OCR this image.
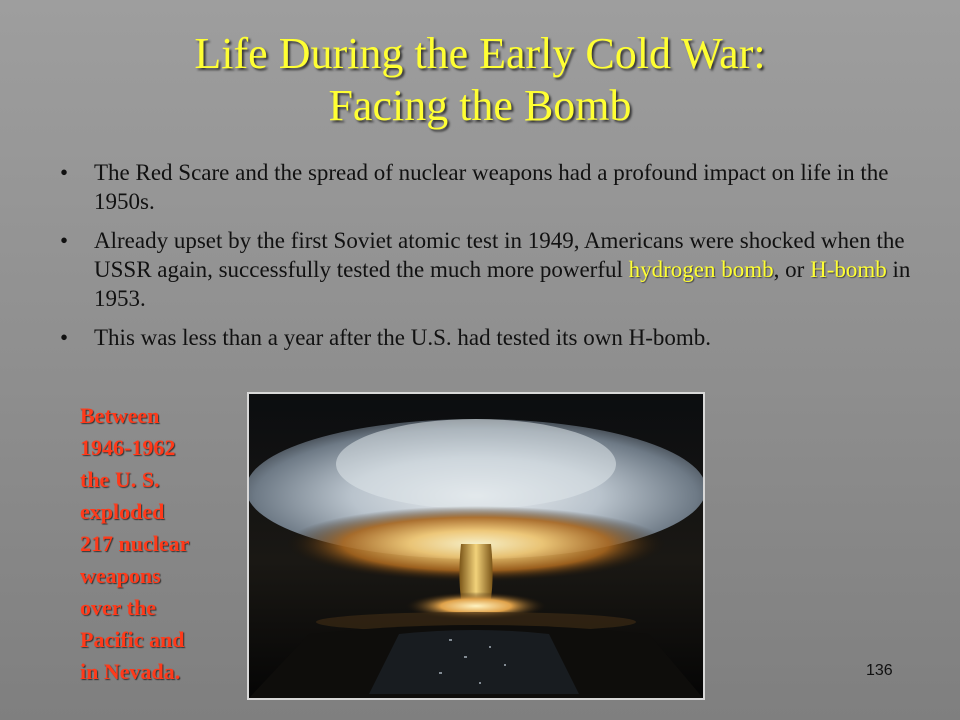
Life During the Early Cold War:
Facing the Bomb
• The Red Scare and the spread of nuclear weapons had a profound impact on life in the 1950s.
• Already upset by the first Soviet atomic test in 1949, Americans were shocked when the USSR again, successfully tested the much more powerful hydrogen bomb, or H-bomb in 1953.
• This was less than a year after the U.S. had tested its own H-bomb.
Between
1946-1962
the U. S.
exploded
217 nuclear
weapons
over the
Pacific and
in Nevada.	136
